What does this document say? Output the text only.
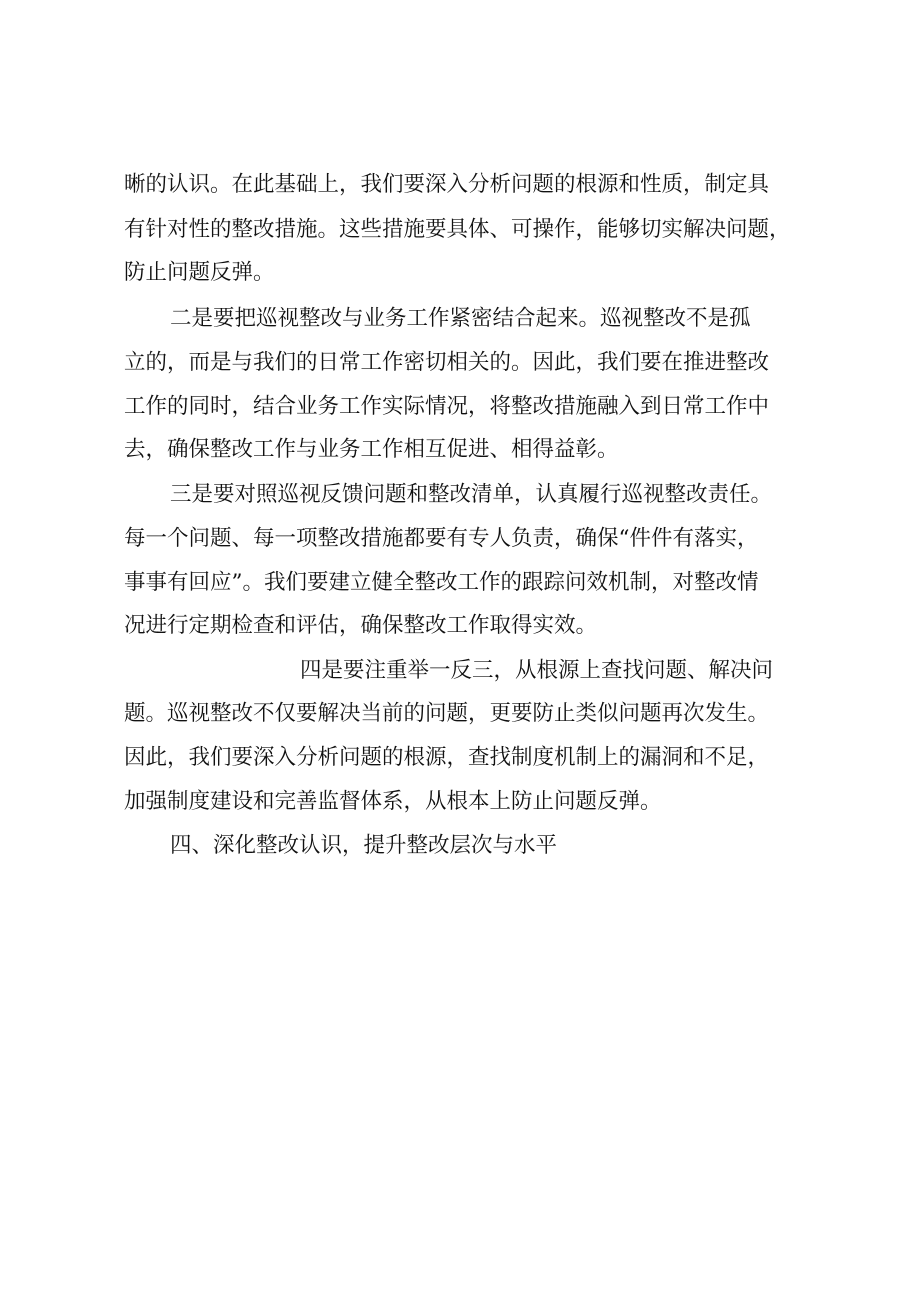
晰的认识。在此基础上，我们要深入分析问题的根源和性质，制定具
有针对性的整改措施。这些措施要具体、可操作，能够切实解决问题，
防止问题反弹。
二是要把巡视整改与业务工作紧密结合起来。巡视整改不是孤
立的，而是与我们的日常工作密切相关的。因此，我们要在推进整改
工作的同时，结合业务工作实际情况，将整改措施融入到日常工作中
去，确保整改工作与业务工作相互促进、相得益彰。
三是要对照巡视反馈问题和整改清单，认真履行巡视整改责任。
每一个问题、每一项整改措施都要有专人负责，确保“件件有落实，
事事有回应”。我们要建立健全整改工作的跟踪问效机制，对整改情
况进行定期检查和评估，确保整改工作取得实效。
四是要注重举一反三，从根源上查找问题、解决问
题。巡视整改不仅要解决当前的问题，更要防止类似问题再次发生。
因此，我们要深入分析问题的根源，查找制度机制上的漏洞和不足，
加强制度建设和完善监督体系，从根本上防止问题反弹。
四、深化整改认识，提升整改层次与水平
